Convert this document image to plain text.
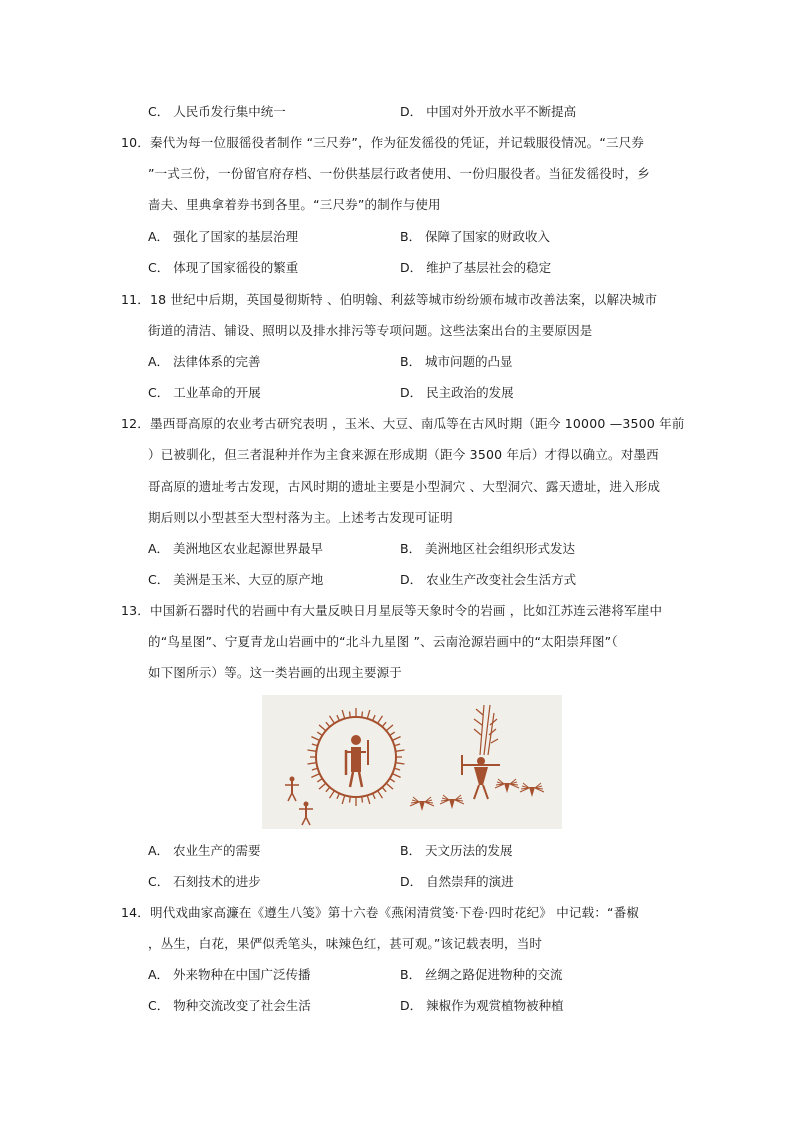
C． 人民币发行集中统一	D． 中国对外开放水平不断提高
10．秦代为每一位服徭役者制作 “三尺券”，作为征发徭役的凭证，并记载服役情况。“三尺券
”一式三份，一份留官府存档、一份供基层行政者使用、一份归服役者。当征发徭役时，乡
啬夫、里典拿着券书到各里。“三尺券”的制作与使用
A． 强化了国家的基层治理	B． 保障了国家的财政收入
C． 体现了国家徭役的繁重	D． 维护了基层社会的稳定
11．18 世纪中后期，英国曼彻斯特 、伯明翰、利兹等城市纷纷颁布城市改善法案，以解决城市
街道的清洁、铺设、照明以及排水排污等专项问题。这些法案出台的主要原因是
A． 法律体系的完善	B． 城市问题的凸显
C． 工业革命的开展	D． 民主政治的发展
12．墨西哥高原的农业考古研究表明 ，玉米、大豆、南瓜等在古风时期（距今 10000 —3500 年前
）已被驯化，但三者混种并作为主食来源在形成期（距今 3500 年后）才得以确立。对墨西
哥高原的遗址考古发现，古风时期的遗址主要是小型洞穴 、大型洞穴、露天遗址，进入形成
期后则以小型甚至大型村落为主。上述考古发现可证明
A． 美洲地区农业起源世界最早	B． 美洲地区社会组织形式发达
C． 美洲是玉米、大豆的原产地	D． 农业生产改变社会生活方式
13．中国新石器时代的岩画中有大量反映日月星辰等天象时令的岩画 ，比如江苏连云港将军崖中
的“鸟星图”、宁夏青龙山岩画中的“北斗九星图 ”、云南沧源岩画中的“太阳崇拜图”（
如下图所示）等。这一类岩画的出现主要源于
A． 农业生产的需要	B． 天文历法的发展
C． 石刻技术的进步	D． 自然崇拜的演进
14．明代戏曲家高濂在《遵生八笺》第十六卷《燕闲清赏笺·下卷·四时花纪》 中记载：“番椒
，丛生，白花，果俨似秃笔头，味辣色红，甚可观。”该记载表明，当时
A． 外来物种在中国广泛传播	B． 丝绸之路促进物种的交流
C． 物种交流改变了社会生活	D． 辣椒作为观赏植物被种植
